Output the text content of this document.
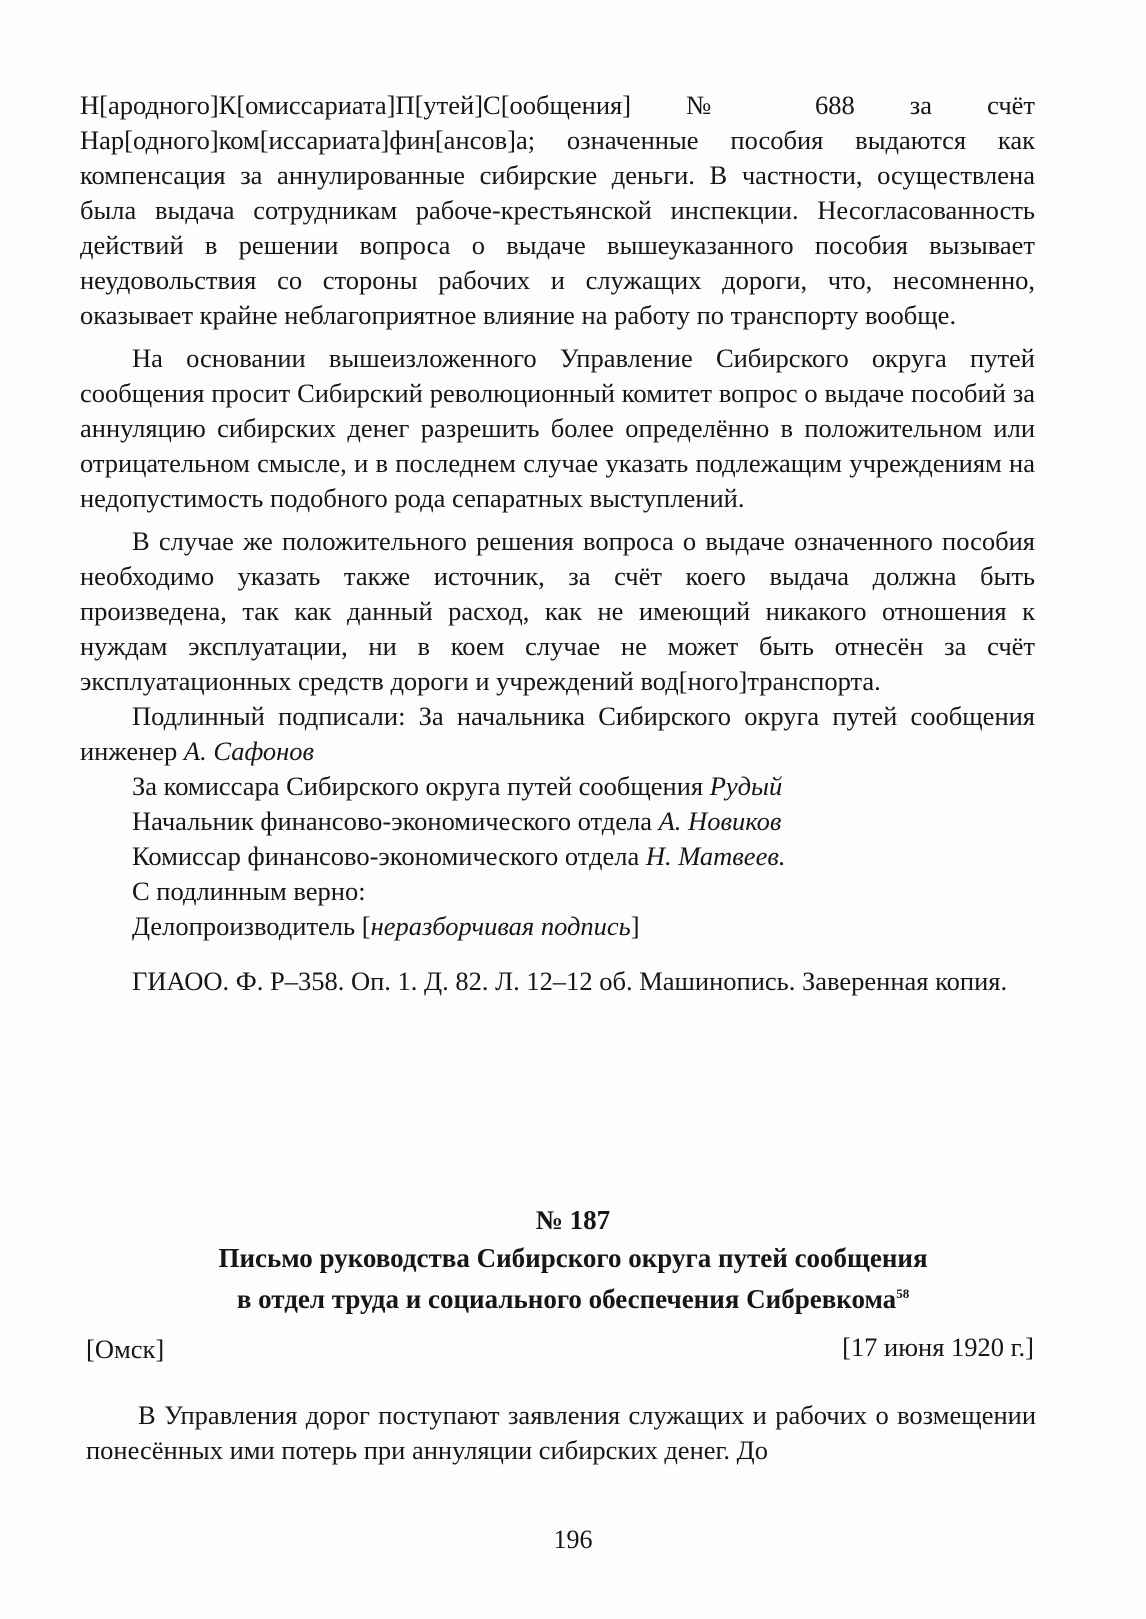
Н[ародного]К[омиссариата]П[утей]С[ообщения] № 688 за счёт Нар[одного]ком[иссариата]фин[ансов]а; означенные пособия выдаются как компенсация за аннулированные сибирские деньги. В частности, осуществлена была выдача сотрудникам рабоче-крестьянской инспекции. Несогласованность действий в решении вопроса о выдаче вышеуказанного пособия вызывает неудовольствия со стороны рабочих и служащих дороги, что, несомненно, оказывает крайне неблагоприятное влияние на работу по транспорту вообще.

На основании вышеизложенного Управление Сибирского округа путей сообщения просит Сибирский революционный комитет вопрос о выдаче пособий за аннуляцию сибирских денег разрешить более определённо в положительном или отрицательном смысле, и в последнем случае указать подлежащим учреждениям на недопустимость подобного рода сепаратных выступлений.

В случае же положительного решения вопроса о выдаче означенного пособия необходимо указать также источник, за счёт коего выдача должна быть произведена, так как данный расход, как не имеющий никакого отношения к нуждам эксплуатации, ни в коем случае не может быть отнесён за счёт эксплуатационных средств дороги и учреждений вод[ного]транспорта.

Подлинный подписали: За начальника Сибирского округа путей сообщения инженер А. Сафонов

За комиссара Сибирского округа путей сообщения Рудый

Начальник финансово-экономического отдела А. Новиков

Комиссар финансово-экономического отдела Н. Матвеев.

С подлинным верно:

Делопроизводитель [неразборчивая подпись]

ГИАОО. Ф. Р–358. Оп. 1. Д. 82. Л. 12–12 об. Машинопись. Заверенная копия.

№ 187
Письмо руководства Сибирского округа путей сообщения
в отдел труда и социального обеспечения Сибревкома$^{58}$
[Омск]	[17 июня 1920 г.]

В Управления дорог поступают заявления служащих и рабочих о возмещении понесённых ими потерь при аннуляции сибирских денег. До

196
